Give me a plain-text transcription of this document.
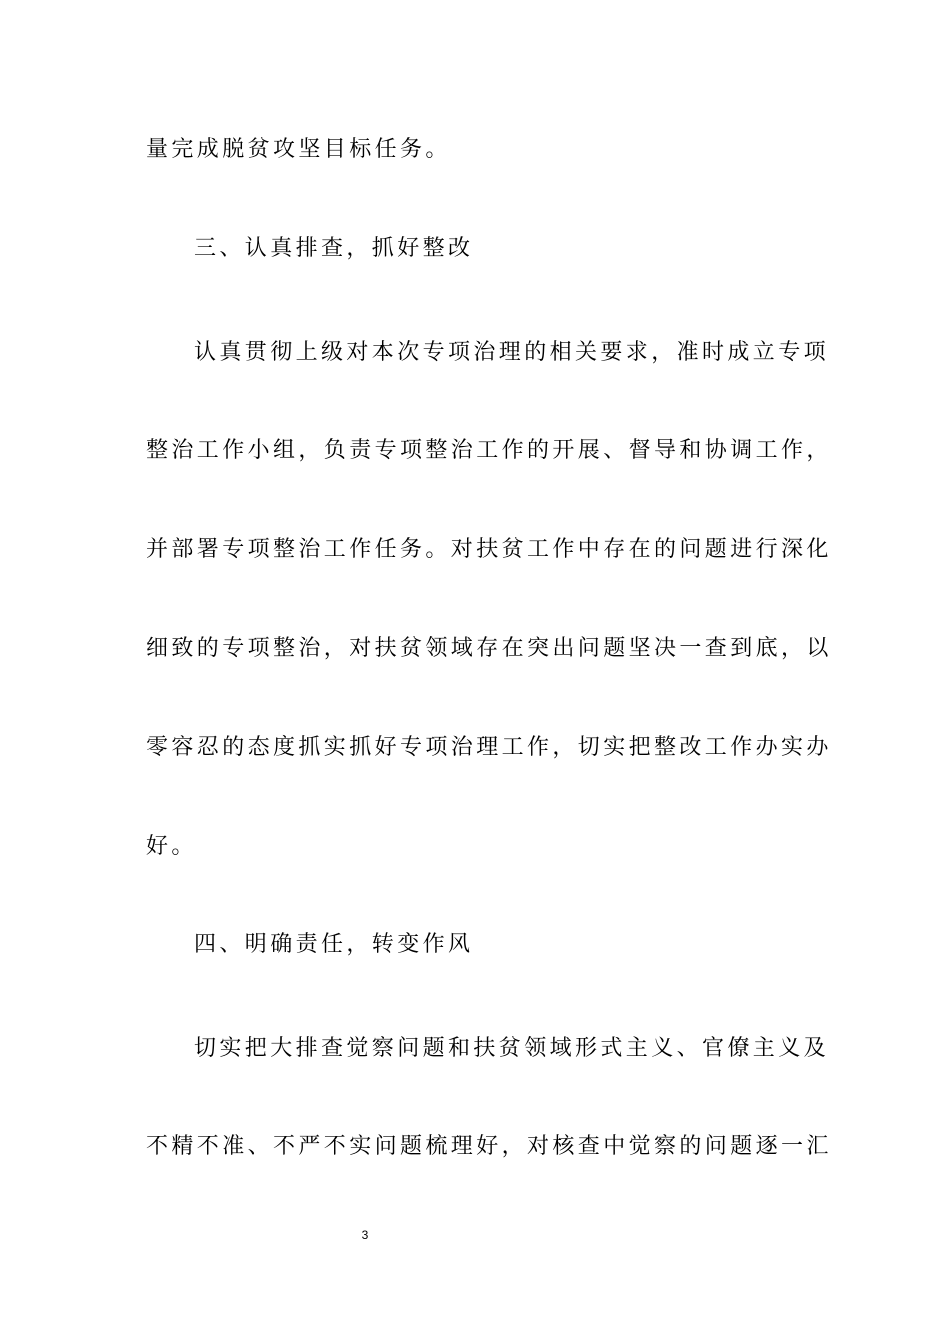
量完成脱贫攻坚目标任务。
三、认真排查，抓好整改
认真贯彻上级对本次专项治理的相关要求，准时成立专项
整治工作小组，负责专项整治工作的开展、督导和协调工作，
并部署专项整治工作任务。对扶贫工作中存在的问题进行深化
细致的专项整治，对扶贫领域存在突出问题坚决一查到底，以
零容忍的态度抓实抓好专项治理工作，切实把整改工作办实办
好。
四、明确责任，转变作风
切实把大排查觉察问题和扶贫领域形式主义、官僚主义及
不精不准、不严不实问题梳理好，对核查中觉察的问题逐一汇
3
